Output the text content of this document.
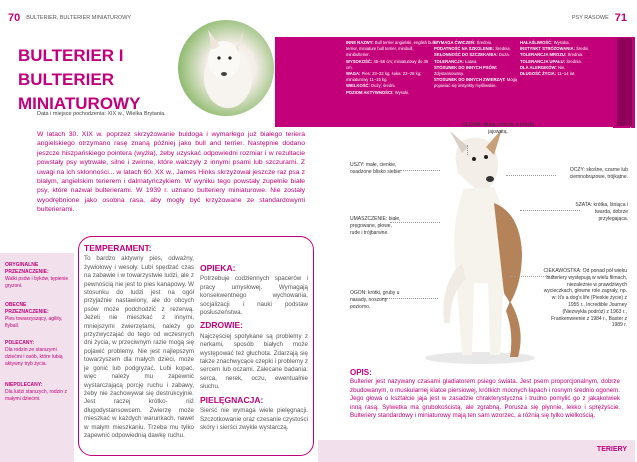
70 BULTERIER, BULTERIER MINIATUROWY
BULTERIER I BULTERIER MINIATUROWY
Data i miejsce pochodzenia: XIX w., Wielka Brytania.
W latach 30. XIX w. poprzez skrzyżowanie buldoga i wymarłego już białego teriera angielskiego otrzymano rasę znaną później jako bull and terrier. Następnie dodano jeszcze hiszpańskiego pointera (wyżła), żeby uzyskać odpowiedni rozmiar i w rezultacie powstały psy wytrwałe, silne i zwinne, które walczyły z innymi psami lub szczurami. Z uwagi na ich skłonności... w latach 60. XX w., James Hinks skrzyżował jeszcze raz psa z białym, angielskim terierem i dalmatyńczykiem. W wyniku tego powstały zupełnie białe psy, które nazwał bulterierami. W 1939 r. uznano bulteriery miniaturowe. Nie zostały wyodrębnione jako osobna rasa, aby mogły być krzyżowane ze standardowymi bulterierami.
ORYGINALNE PRZEZNACZENIE:
Walki psów i byków, tępienie gryzoni.
OBECNE PRZEZNACZENIE:
Pies towarzyszący, agility, flyball.
POLECANY:
Dla rodzin ze starszymi dziećmi i osób, które lubią aktywny tryb życia.
NIEPOLECANY:
Dla ludzi starszych, rodzin z małymi dziećmi.
TEMPERAMENT:
To bardzo aktywny pies, odważny, żywiołowy i wesoły. Lubi spędzać czas na zabawie i w towarzystwie ludzi, ale z pewnością nie jest to pies kanapowy. W stosunku do ludzi jest na ogół przyjaźnie nastawiony, ale do obcych psów może podchodzić z rezerwą. Jeżeli nie mieszkać z innymi, mniejszymi zwierzętami, należy go przyzwyczajać do tego od wczesnych dni życia, w przeciwnym razie mogą się pojawić problemy. Nie jest najlepszym towarzyszem dla małych dzieci, może je gonić lub podgryzać. Lubi kopać, więc należy mu zapewnić wystarczającą porcję ruchu i zabawy, żeby nie zachowywał się destrukcyjnie. Jest raczej krótko- niż długodystansowcem. Zwierzę może mieszkać w każdych warunkach, nawet w małym mieszkaniu. Trzeba mu tylko zapewnić odpowiednią dawkę ruchu.
OPIEKA:
Potrzebuje codziennych spacerów i pracy umysłowej. Wymagają konsekwentnego wychowania, socjalizacji i nauki podstaw posłuszeństwa.
ZDROWIE:
Najczęściej spotykane są problemy z nerkami, sposób białych może występować też głuchota. Zdarzają się także znachwycące czepki i problemy z sercem lub oczami. Zalecane badania: serca, nerek, oczu, ewentualnie słuchu.
PIELĘGNACJA:
Sierść nie wymaga wiele pielęgnacji. Szczotkowanie oraz czesanie czystości skóry i sierści zwykle wystarczą.
INNE NAZWY: Bull terrier angielski, english bull terrier, miniature bull terrier, minibull, minibulterier.
WYSOKOŚĆ: 45–56 cm; miniaturowy do 35 cm.
WAGA: Pies: 23–32 kg, suka: 22–28 kg; miniaturowy 11–15 kg.
WIELKOŚĆ: Duży; średni.
POZIOM AKTYWNOŚCI: Wysoki.
WYMAGA ĆWICZEŃ: Średnio.
PODATNOŚĆ NA SZKOLENIE: Średnia.
SKŁONNOŚĆ DO SZCZEKANIA: Duża.
TOLERANCJA: Łatwa.
STOSUNEK DO INNYCH PSÓW: Zdystansowany.
STOSUNEK DO INNYCH ZWIERZĄT: Mogą pojawiać się instynkty myśliwskie.
HAŁAŚLIWOŚĆ: Wysoka.
INSTYNKT STRÓŻOWANIA: Średni.
TOLERANCJA MROZU: Średnia.
TOLERANCJA UPAŁU: Średnia.
DLA ALERGIKÓW: Nie.
DŁUGOŚĆ ŻYCIA: 11–14 lat.
BULTERIER I BULTERIER MINIATUROWY
PSY RASOWE 71
GŁOWA: długa, mocna, z prostą jajowatą.
USZY: małe, cienkie, osadzone blisko siebie.	OCZY: skośne, czarne lub ciemnobrązowe, trójkątne.
UMASZCZENIE: białe, pręgowane, płowe, rude i trójbarwne.
SZATA: krótka, lśniąca i twarda, dobrze przylegająca.
OGON: krótki, gruby u nasady, noszony poziomo.
CIEKAWOSTKA: Od ponad pół wieku bulteriery występują w wielu filmach, niezależnie w prawdziwych wycieczkach, głowne role zagrały, np. w: It's a dog's life (Pieskie życie) z 1955 r., Incredible Journey (Niezwykła podróż) z 1963 r., Frankenweenie z 1984 r., Baxter z 1989 r.
OPIS:
Bulterier jest nazywany czasami gladiatorem psiego świata. Jest psem proporcjonalnym, dobrze zbudowanym, o muskularnej klatce piersiowej, krótkich mocnych łapach i rosnym średnio ogonem. Jego głowa o kształcie jaja jest w zasadzie chrakterystyczna i trudno pomylić go z jakąkolwiek inną rasą. Sylwetka ma grubokościstą, ale zgrabną. Porusza się płynnie, lekko i sprężyście. Bulteriery standardowy i miniaturowy mają ten sam wzorzec, a różnią się tylko wielkością.
TERIERY
